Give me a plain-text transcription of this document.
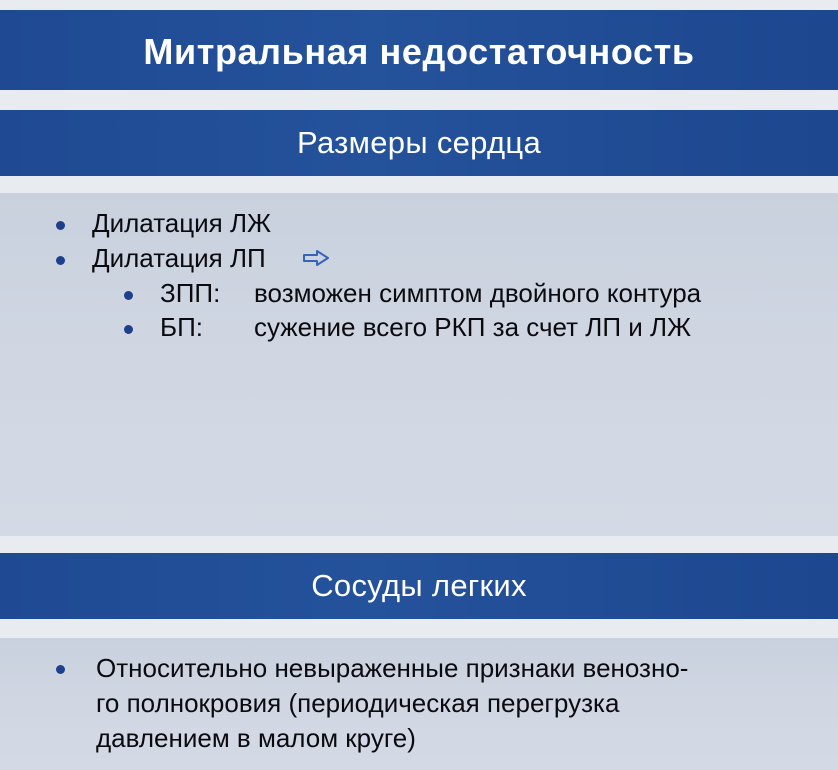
Митральная недостаточность
Размеры сердца
Дилатация ЛЖ
Дилатация ЛП
ЗПП: возможен симптом двойного контура
БП: сужение всего РКП за счет ЛП и ЛЖ
Сосуды легких
Относительно невыраженные признаки венозно-
го полнокровия (периодическая перегрузка
давлением в малом круге)
